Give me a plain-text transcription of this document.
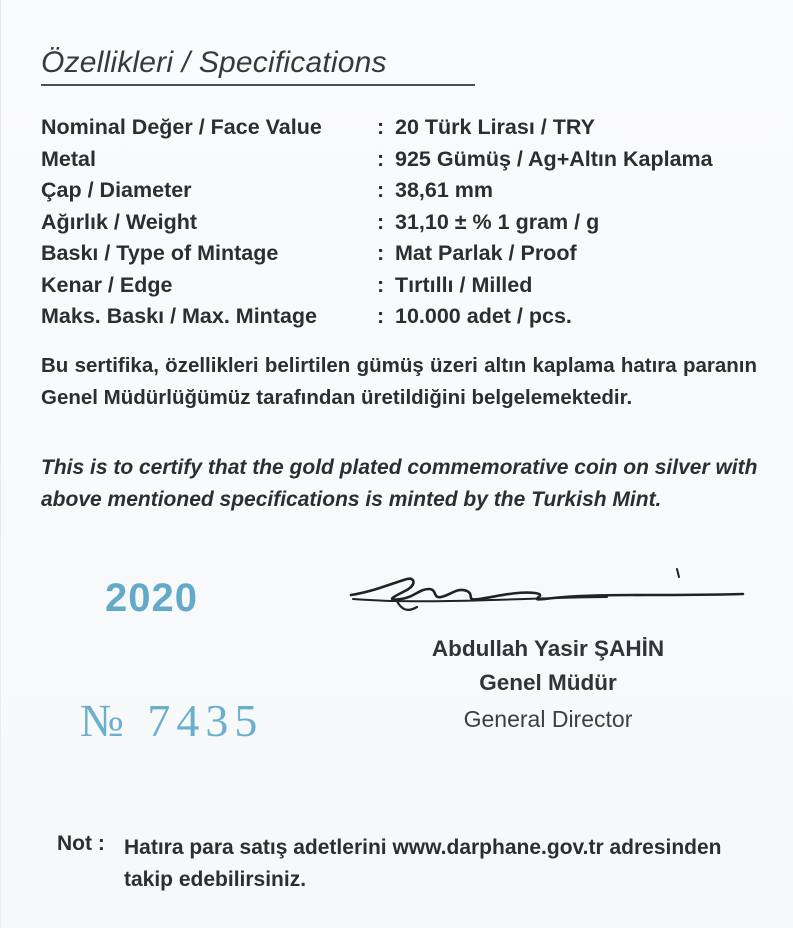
Özellikleri / Specifications
Nominal Değer / Face Value	: 20 Türk Lirası / TRY
Metal	: 925 Gümüş / Ag+Altın Kaplama
Çap / Diameter	: 38,61 mm
Ağırlık / Weight	: 31,10 ± % 1 gram / g
Baskı / Type of Mintage	: Mat Parlak / Proof
Kenar / Edge	: Tırtıllı / Milled
Maks. Baskı / Max. Mintage	: 10.000 adet / pcs.
Bu sertifika, özellikleri belirtilen gümüş üzeri altın kaplama hatıra paranın Genel Müdürlüğümüz tarafından üretildiğini belgelemektedir.
This is to certify that the gold plated commemorative coin on silver with above mentioned specifications is minted by the Turkish Mint.
2020
№ 7435
Abdullah Yasir ŞAHİN
Genel Müdür
General Director
Not : Hatıra para satış adetlerini www.darphane.gov.tr adresinden takip edebilirsiniz.
